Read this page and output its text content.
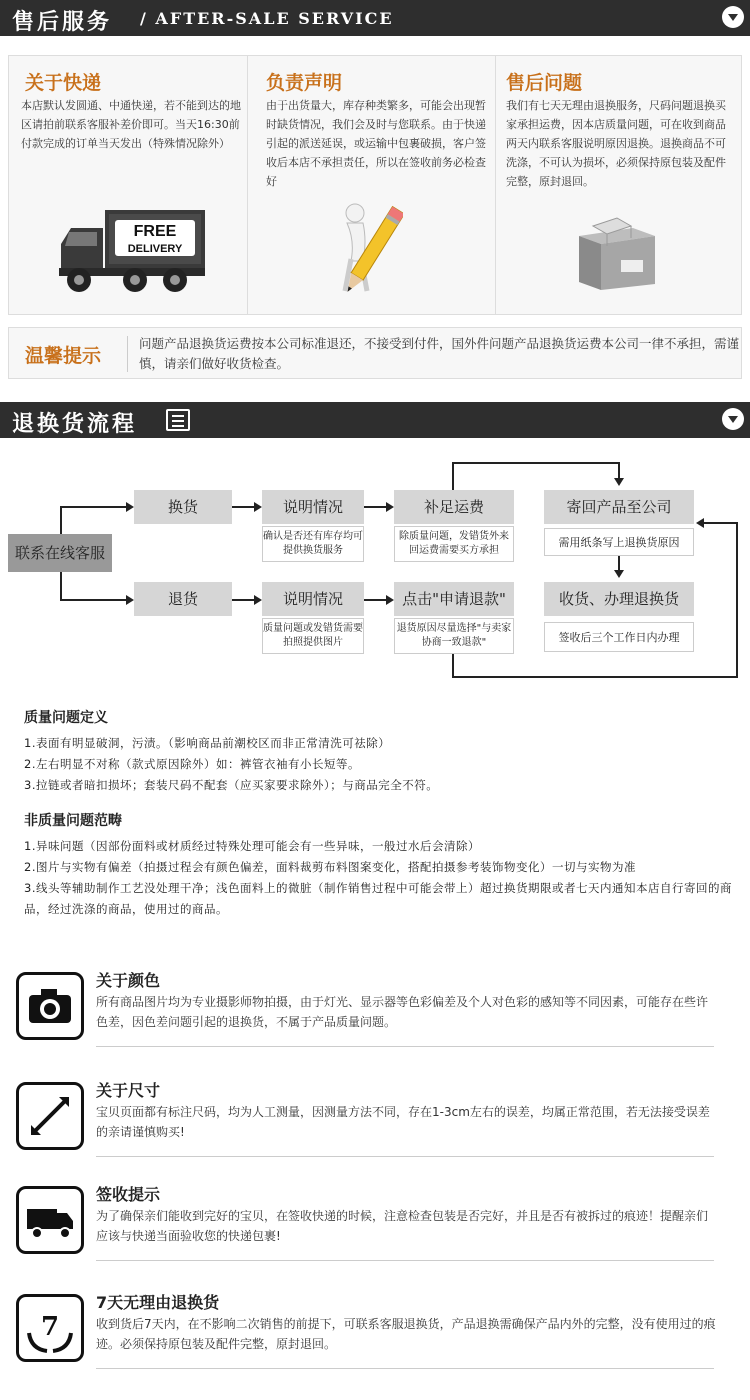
售后服务 / AFTER-SALE SERVICE
关于快递
本店默认发圆通、中通快递，若不能到达的地区请拍前联系客服补差价即可。当天16:30前付款完成的订单当天发出（特殊情况除外）
FREE
DELIVERY
负责声明
由于出货量大，库存种类繁多，可能会出现暂时缺货情况，我们会及时与您联系。由于快递引起的派送延误，或运输中包裹破损，客户签收后本店不承担责任，所以在签收前务必检查好
售后问题
我们有七天无理由退换服务，尺码问题退换买家承担运费，因本店质量问题，可在收到商品两天内联系客服说明原因退换。退换商品不可洗涤，不可认为损坏，必须保持原包装及配件完整，原封退回。
温馨提示
问题产品退换货运费按本公司标准退还，不接受到付件，国外件问题产品退换货运费本公司一律不承担，需谨慎，请亲们做好收货检查。
退换货流程
联系在线客服
换货
退货
说明情况
确认是否还有库存均可提供换货服务
说明情况
质量问题或发错货需要拍照提供图片
补足运费
除质量问题，发错货外来回运费需要买方承担
点击"申请退款"
退货原因尽量选择"与卖家协商一致退款"
寄回产品至公司
需用纸条写上退换货原因
收货、办理退换货
签收后三个工作日内办理
质量问题定义
1.表面有明显破洞，污渍。（影响商品前潮校区而非正常清洗可祛除）
2.左右明显不对称（款式原因除外）如：裤管衣袖有小长短等。
3.拉链或者暗扣损坏；套装尺码不配套（应买家要求除外）；与商品完全不符。
非质量问题范畴
1.异味问题（因部份面料或材质经过特殊处理可能会有一些异味，一般过水后会清除）
2.图片与实物有偏差（拍摄过程会有颜色偏差，面料裁剪布料图案变化，搭配拍摄参考装饰物变化）一切与实物为准
3.线头等辅助制作工艺没处理干净；浅色面料上的微脏（制作销售过程中可能会带上）超过换货期限或者七天内通知本店自行寄回的商品，经过洗涤的商品，使用过的商品。
关于颜色
所有商品图片均为专业摄影师物拍摄，由于灯光、显示器等色彩偏差及个人对色彩的感知等不同因素，可能存在些许色差，因色差问题引起的退换货，不属于产品质量问题。
关于尺寸
宝贝页面都有标注尺码，均为人工测量，因测量方法不同，存在1-3cm左右的误差，均属正常范围，若无法接受误差的亲请谨慎购买!
签收提示
为了确保亲们能收到完好的宝贝，在签收快递的时候，注意检查包装是否完好，并且是否有被拆过的痕迹！提醒亲们应该与快递当面验收您的快递包裹!
7
7天无理由退换货
收到货后7天内，在不影响二次销售的前提下，可联系客服退换货，产品退换需确保产品内外的完整，没有使用过的痕迹。必须保持原包装及配件完整，原封退回。
